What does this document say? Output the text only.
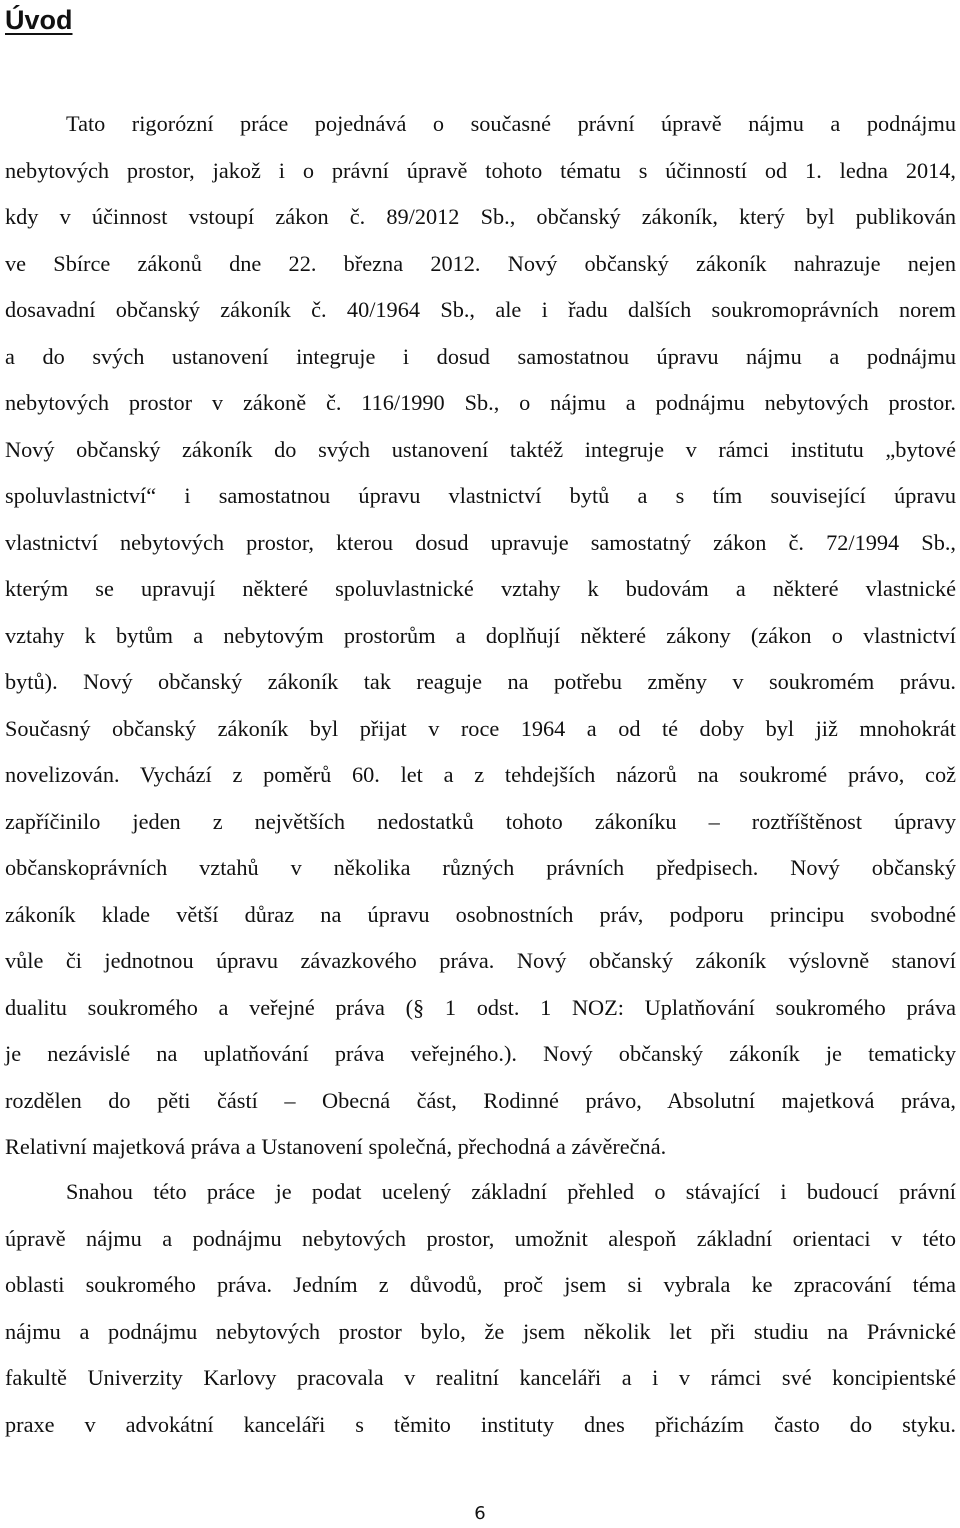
Úvod
Tato rigorózní práce pojednává o současné právní úpravě nájmu a podnájmu
nebytových prostor, jakož i o právní úpravě tohoto tématu s účinností od 1. ledna 2014,
kdy v účinnost vstoupí zákon č. 89/2012 Sb., občanský zákoník, který byl publikován
ve Sbírce zákonů dne 22. března 2012. Nový občanský zákoník nahrazuje nejen
dosavadní občanský zákoník č. 40/1964 Sb., ale i řadu dalších soukromoprávních norem
a do svých ustanovení integruje i dosud samostatnou úpravu nájmu a podnájmu
nebytových prostor v zákoně č. 116/1990 Sb., o nájmu a podnájmu nebytových prostor.
Nový občanský zákoník do svých ustanovení taktéž integruje v rámci institutu „bytové
spoluvlastnictví“ i samostatnou úpravu vlastnictví bytů a s tím související úpravu
vlastnictví nebytových prostor, kterou dosud upravuje samostatný zákon č. 72/1994 Sb.,
kterým se upravují některé spoluvlastnické vztahy k budovám a některé vlastnické
vztahy k bytům a nebytovým prostorům a doplňují některé zákony (zákon o vlastnictví
bytů). Nový občanský zákoník tak reaguje na potřebu změny v soukromém právu.
Současný občanský zákoník byl přijat v roce 1964 a od té doby byl již mnohokrát
novelizován. Vychází z poměrů 60. let a z tehdejších názorů na soukromé právo, což
zapříčinilo jeden z největších nedostatků tohoto zákoníku – roztříštěnost úpravy
občanskoprávních vztahů v několika různých právních předpisech. Nový občanský
zákoník klade větší důraz na úpravu osobnostních práv, podporu principu svobodné
vůle či jednotnou úpravu závazkového práva. Nový občanský zákoník výslovně stanoví
dualitu soukromého a veřejné práva (§ 1 odst. 1 NOZ: Uplatňování soukromého práva
je nezávislé na uplatňování práva veřejného.). Nový občanský zákoník je tematicky
rozdělen do pěti částí – Obecná část, Rodinné právo, Absolutní majetková práva,
Relativní majetková práva a Ustanovení společná, přechodná a závěrečná.
Snahou této práce je podat ucelený základní přehled o stávající i budoucí právní
úpravě nájmu a podnájmu nebytových prostor, umožnit alespoň základní orientaci v této
oblasti soukromého práva. Jedním z důvodů, proč jsem si vybrala ke zpracování téma
nájmu a podnájmu nebytových prostor bylo, že jsem několik let při studiu na Právnické
fakultě Univerzity Karlovy pracovala v realitní kanceláři a i v rámci své koncipientské
praxe v advokátní kanceláři s těmito instituty dnes přicházím často do styku.
6
